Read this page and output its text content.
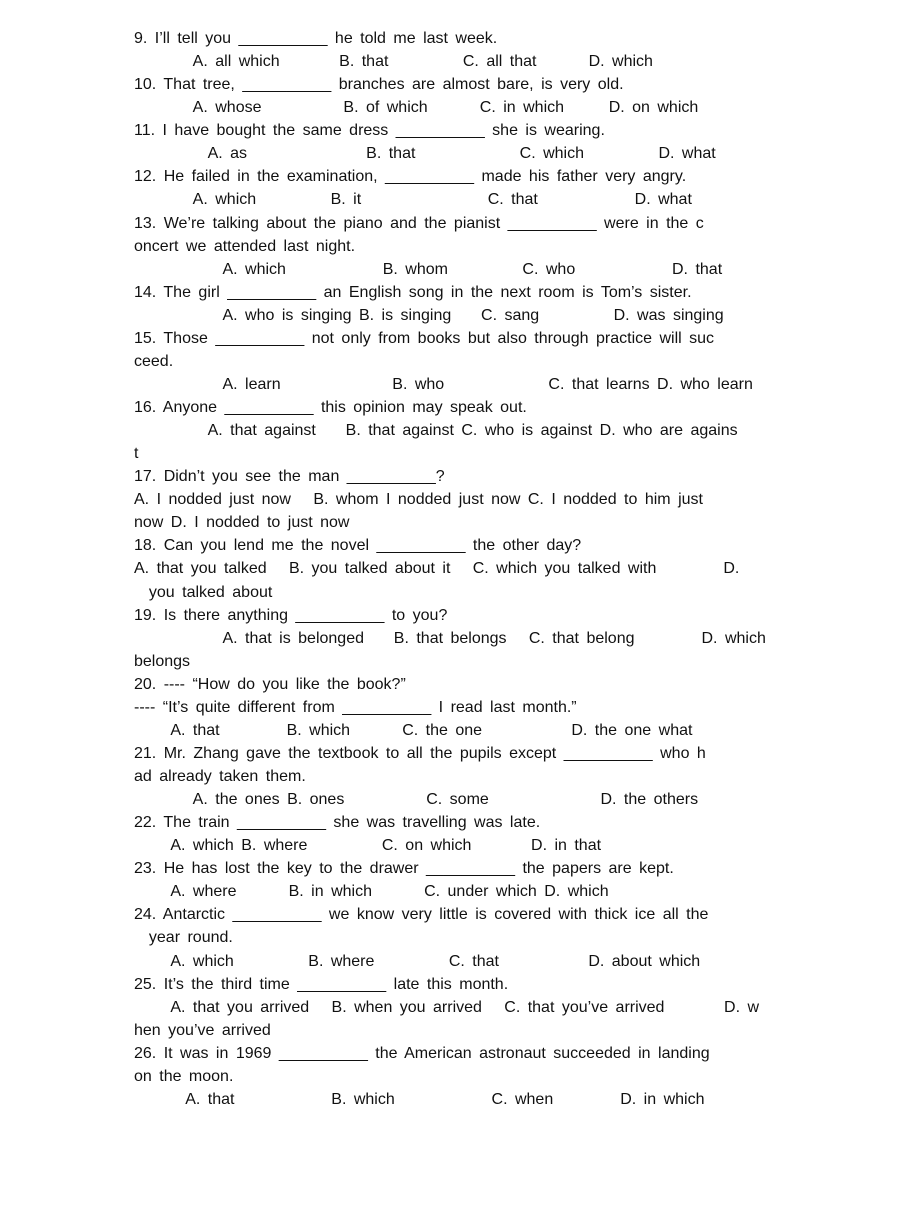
9. I’ll tell you __________ he told me last week.
A. all which        B. that          C. all that       D. which
10. That tree, __________ branches are almost bare, is very old.
A. whose           B. of which       C. in which      D. on which
11. I have bought the same dress __________ she is wearing.
A. as                B. that              C. which          D. what
12. He failed in the examination, __________ made his father very angry.
A. which          B. it                 C. that             D. what
13. We’re talking about the piano and the pianist __________ were in the c
oncert we attended last night.
A. which             B. whom          C. who             D. that
14. The girl __________ an English song in the next room is Tom’s sister.
A. who is singing B. is singing    C. sang          D. was singing
15. Those __________ not only from books but also through practice will suc
ceed.
A. learn               B. who              C. that learns D. who learn
16. Anyone __________ this opinion may speak out.
A. that against    B. that against C. who is against D. who are agains
t
17. Didn’t you see the man __________?
A. I nodded just now   B. whom I nodded just now C. I nodded to him just
now D. I nodded to just now
18. Can you lend me the novel __________ the other day?
A. that you talked   B. you talked about it   C. which you talked with         D.
you talked about
19. Is there anything __________ to you?
A. that is belonged    B. that belongs   C. that belong         D. which
belongs
20. ---- “How do you like the book?”
---- “It’s quite different from __________ I read last month.”
A. that         B. which       C. the one            D. the one what
21. Mr. Zhang gave the textbook to all the pupils except __________ who h
ad already taken them.
A. the ones B. ones           C. some               D. the others
22. The train __________ she was travelling was late.
A. which B. where          C. on which        D. in that
23. He has lost the key to the drawer __________ the papers are kept.
A. where       B. in which       C. under which D. which
24. Antarctic __________ we know very little is covered with thick ice all the
year round.
A. which          B. where          C. that            D. about which
25. It’s the third time __________ late this month.
A. that you arrived   B. when you arrived   C. that you’ve arrived        D. w
hen you’ve arrived
26. It was in 1969 __________ the American astronaut succeeded in landing
on the moon.
A. that             B. which             C. when         D. in which
